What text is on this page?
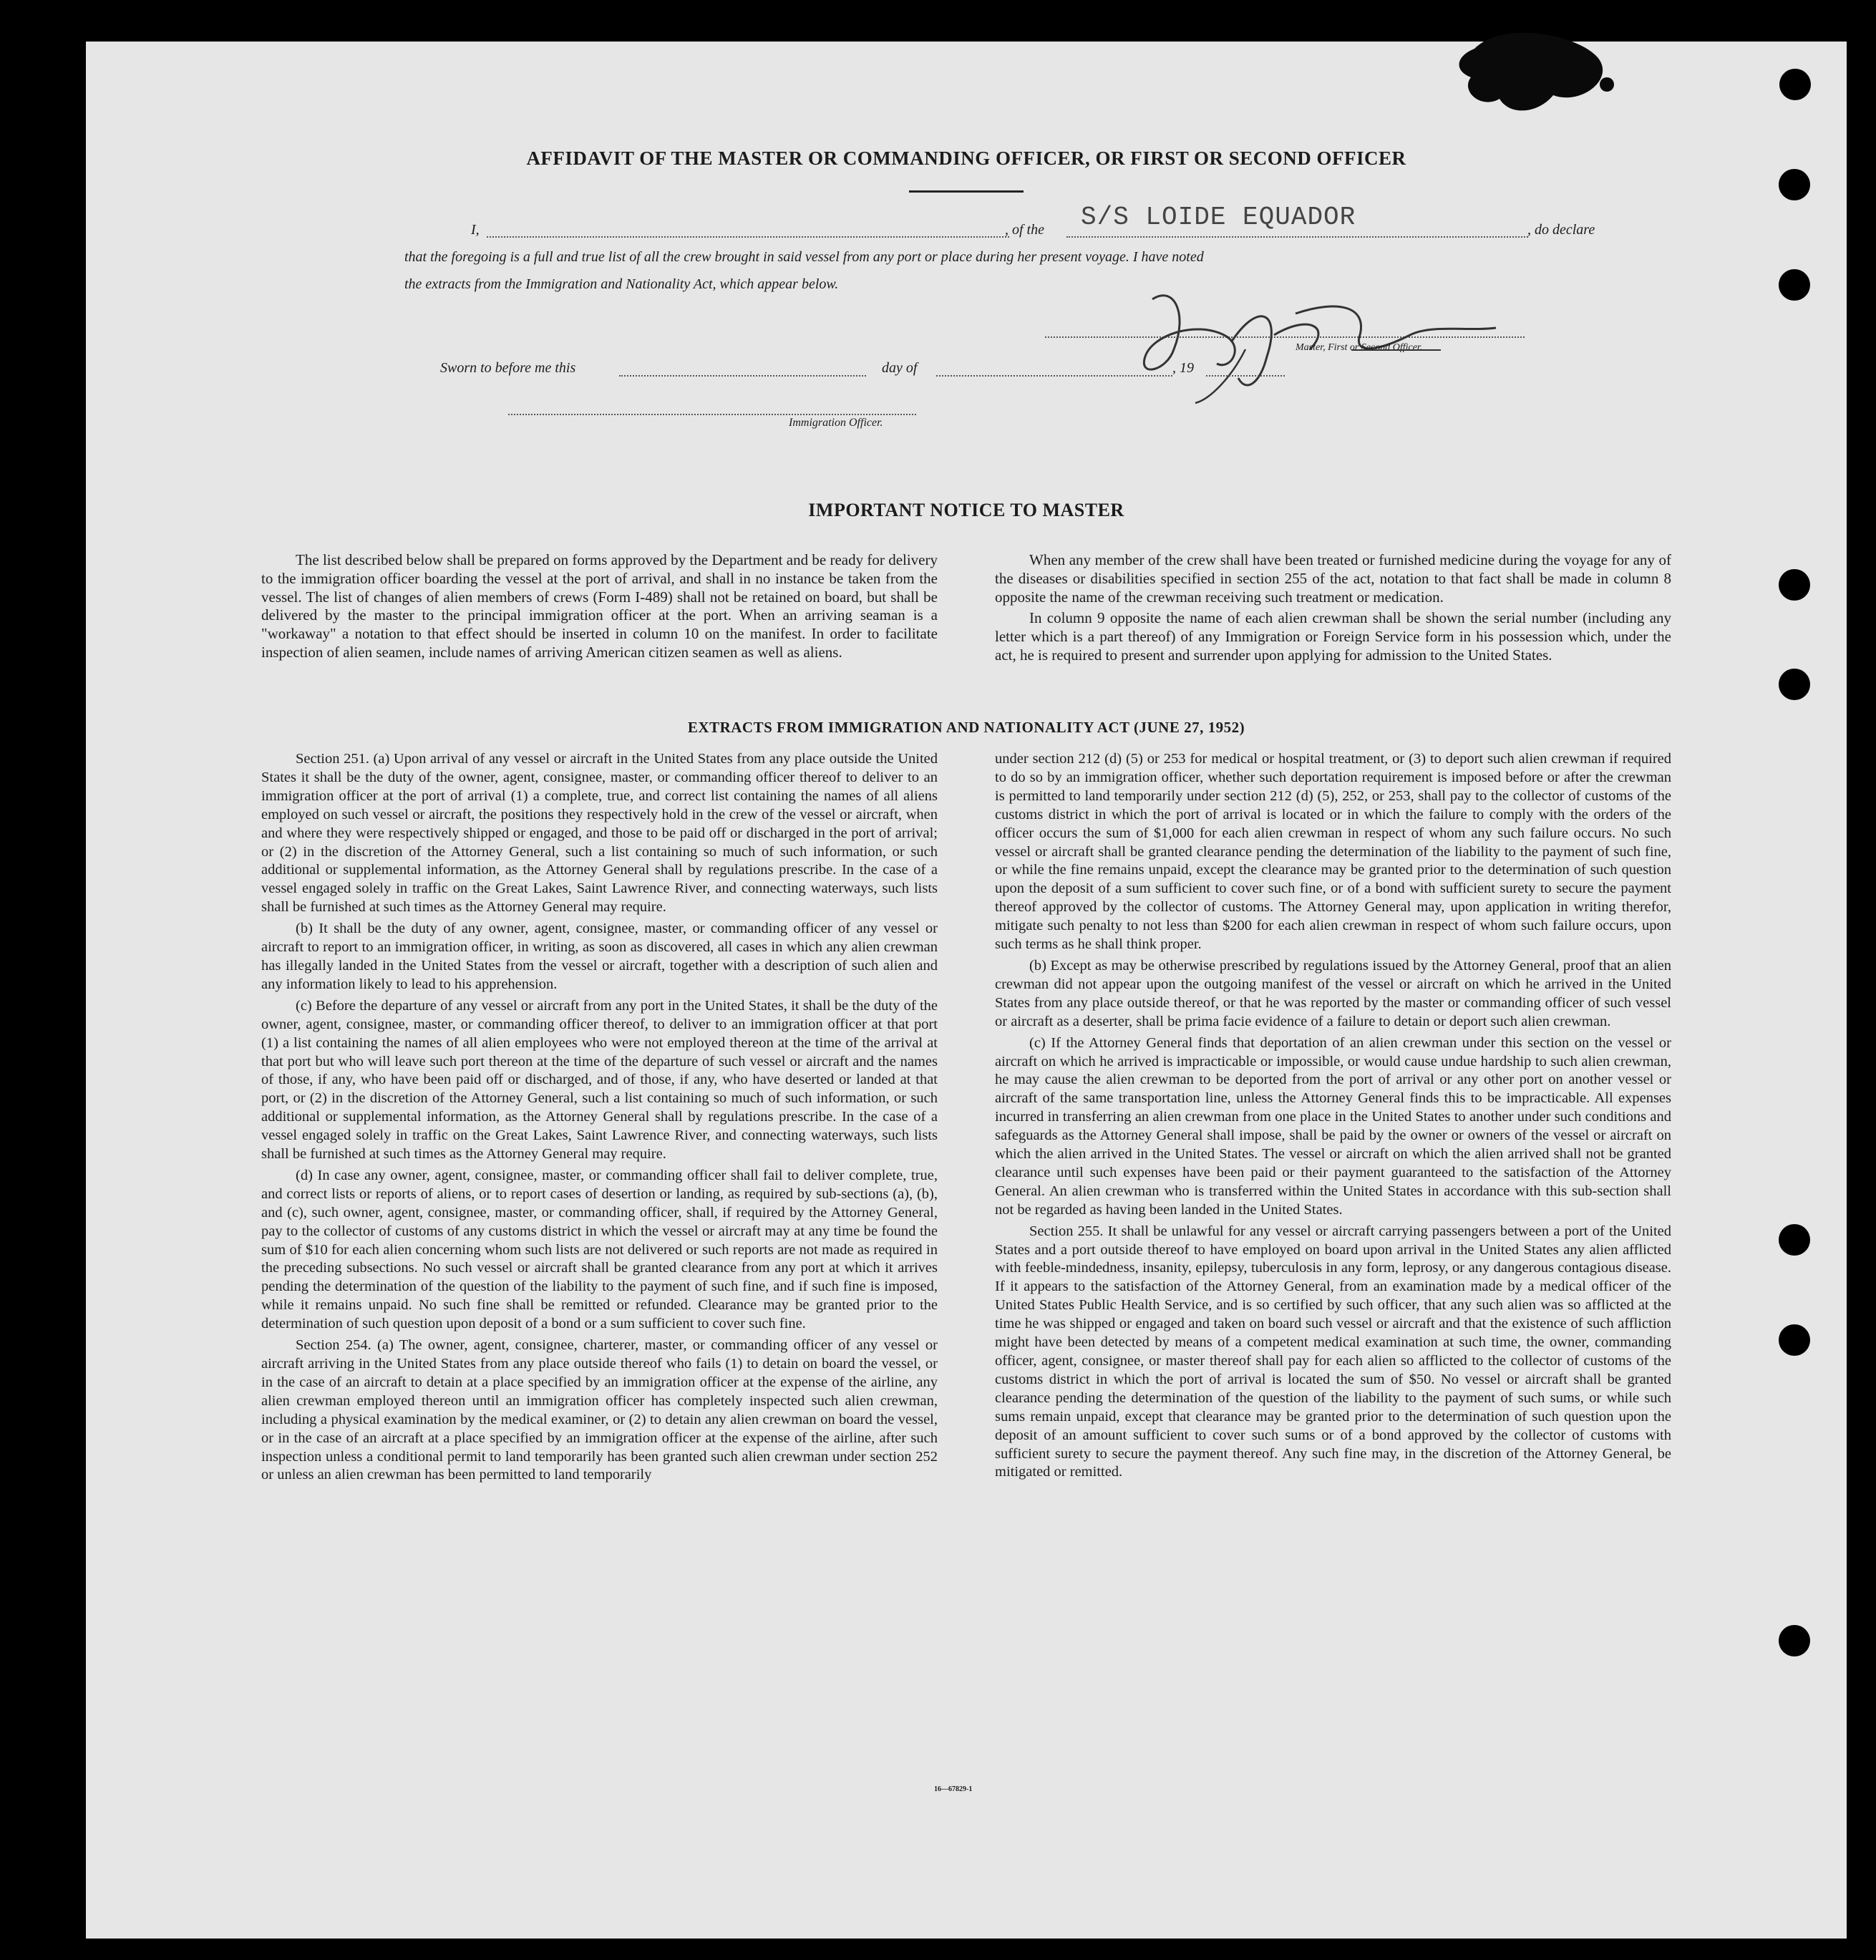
AFFIDAVIT OF THE MASTER OR COMMANDING OFFICER, OR FIRST OR SECOND OFFICER
I,	, of the S/S LOIDE EQUADOR	, do declare
that the foregoing is a full and true list of all the crew brought in said vessel from any port or place during her present voyage. I have noted
the extracts from the Immigration and Nationality Act, which appear below.
Master, First or Second Officer.
Sworn to before me this	day of	, 19
Immigration Officer.
IMPORTANT NOTICE TO MASTER

The list described below shall be prepared on forms approved by the Department and be ready for delivery to the immigration officer boarding the vessel at the port of arrival, and shall in no instance be taken from the vessel. The list of changes of alien members of crews (Form I-489) shall not be retained on board, but shall be delivered by the master to the principal immigration officer at the port. When an arriving seaman is a "workaway" a notation to that effect should be inserted in column 10 on the manifest. In order to facilitate inspection of alien seamen, include names of arriving American citizen seamen as well as aliens.

When any member of the crew shall have been treated or furnished medicine during the voyage for any of the diseases or disabilities specified in section 255 of the act, notation to that fact shall be made in column 8 opposite the name of the crewman receiving such treatment or medication.

In column 9 opposite the name of each alien crewman shall be shown the serial number (including any letter which is a part thereof) of any Immigration or Foreign Service form in his possession which, under the act, he is required to present and surrender upon applying for admission to the United States.

EXTRACTS FROM IMMIGRATION AND NATIONALITY ACT (JUNE 27, 1952)

Section 251. (a) Upon arrival of any vessel or aircraft in the United States from any place outside the United States it shall be the duty of the owner, agent, consignee, master, or commanding officer thereof to deliver to an immigration officer at the port of arrival (1) a complete, true, and correct list containing the names of all aliens employed on such vessel or aircraft, the positions they respectively hold in the crew of the vessel or aircraft, when and where they were respectively shipped or engaged, and those to be paid off or discharged in the port of arrival; or (2) in the discretion of the Attorney General, such a list containing so much of such information, or such additional or supplemental information, as the Attorney General shall by regulations prescribe. In the case of a vessel engaged solely in traffic on the Great Lakes, Saint Lawrence River, and connecting waterways, such lists shall be furnished at such times as the Attorney General may require.

(b) It shall be the duty of any owner, agent, consignee, master, or commanding officer of any vessel or aircraft to report to an immigration officer, in writing, as soon as discovered, all cases in which any alien crewman has illegally landed in the United States from the vessel or aircraft, together with a description of such alien and any information likely to lead to his apprehension.

(c) Before the departure of any vessel or aircraft from any port in the United States, it shall be the duty of the owner, agent, consignee, master, or commanding officer thereof, to deliver to an immigration officer at that port (1) a list containing the names of all alien employees who were not employed thereon at the time of the arrival at that port but who will leave such port thereon at the time of the departure of such vessel or aircraft and the names of those, if any, who have been paid off or discharged, and of those, if any, who have deserted or landed at that port, or (2) in the discretion of the Attorney General, such a list containing so much of such information, or such additional or supplemental information, as the Attorney General shall by regulations prescribe. In the case of a vessel engaged solely in traffic on the Great Lakes, Saint Lawrence River, and connecting waterways, such lists shall be furnished at such times as the Attorney General may require.

(d) In case any owner, agent, consignee, master, or commanding officer shall fail to deliver complete, true, and correct lists or reports of aliens, or to report cases of desertion or landing, as required by sub-sections (a), (b), and (c), such owner, agent, consignee, master, or commanding officer, shall, if required by the Attorney General, pay to the collector of customs of any customs district in which the vessel or aircraft may at any time be found the sum of $10 for each alien concerning whom such lists are not delivered or such reports are not made as required in the preceding subsections. No such vessel or aircraft shall be granted clearance from any port at which it arrives pending the determination of the question of the liability to the payment of such fine, and if such fine is imposed, while it remains unpaid. No such fine shall be remitted or refunded. Clearance may be granted prior to the determination of such question upon deposit of a bond or a sum sufficient to cover such fine.

Section 254. (a) The owner, agent, consignee, charterer, master, or commanding officer of any vessel or aircraft arriving in the United States from any place outside thereof who fails (1) to detain on board the vessel, or in the case of an aircraft to detain at a place specified by an immigration officer at the expense of the airline, any alien crewman employed thereon until an immigration officer has completely inspected such alien crewman, including a physical examination by the medical examiner, or (2) to detain any alien crewman on board the vessel, or in the case of an aircraft at a place specified by an immigration officer at the expense of the airline, after such inspection unless a conditional permit to land temporarily has been granted such alien crewman under section 252 or unless an alien crewman has been permitted to land temporarily

under section 212 (d) (5) or 253 for medical or hospital treatment, or (3) to deport such alien crewman if required to do so by an immigration officer, whether such deportation requirement is imposed before or after the crewman is permitted to land temporarily under section 212 (d) (5), 252, or 253, shall pay to the collector of customs of the customs district in which the port of arrival is located or in which the failure to comply with the orders of the officer occurs the sum of $1,000 for each alien crewman in respect of whom any such failure occurs. No such vessel or aircraft shall be granted clearance pending the determination of the liability to the payment of such fine, or while the fine remains unpaid, except the clearance may be granted prior to the determination of such question upon the deposit of a sum sufficient to cover such fine, or of a bond with sufficient surety to secure the payment thereof approved by the collector of customs. The Attorney General may, upon application in writing therefor, mitigate such penalty to not less than $200 for each alien crewman in respect of whom such failure occurs, upon such terms as he shall think proper.

(b) Except as may be otherwise prescribed by regulations issued by the Attorney General, proof that an alien crewman did not appear upon the outgoing manifest of the vessel or aircraft on which he arrived in the United States from any place outside thereof, or that he was reported by the master or commanding officer of such vessel or aircraft as a deserter, shall be prima facie evidence of a failure to detain or deport such alien crewman.

(c) If the Attorney General finds that deportation of an alien crewman under this section on the vessel or aircraft on which he arrived is impracticable or impossible, or would cause undue hardship to such alien crewman, he may cause the alien crewman to be deported from the port of arrival or any other port on another vessel or aircraft of the same transportation line, unless the Attorney General finds this to be impracticable. All expenses incurred in transferring an alien crewman from one place in the United States to another under such conditions and safeguards as the Attorney General shall impose, shall be paid by the owner or owners of the vessel or aircraft on which the alien arrived in the United States. The vessel or aircraft on which the alien arrived shall not be granted clearance until such expenses have been paid or their payment guaranteed to the satisfaction of the Attorney General. An alien crewman who is transferred within the United States in accordance with this sub-section shall not be regarded as having been landed in the United States.

Section 255. It shall be unlawful for any vessel or aircraft carrying passengers between a port of the United States and a port outside thereof to have employed on board upon arrival in the United States any alien afflicted with feeble-mindedness, insanity, epilepsy, tuberculosis in any form, leprosy, or any dangerous contagious disease. If it appears to the satisfaction of the Attorney General, from an examination made by a medical officer of the United States Public Health Service, and is so certified by such officer, that any such alien was so afflicted at the time he was shipped or engaged and taken on board such vessel or aircraft and that the existence of such affliction might have been detected by means of a competent medical examination at such time, the owner, commanding officer, agent, consignee, or master thereof shall pay for each alien so afflicted to the collector of customs of the customs district in which the port of arrival is located the sum of $50. No vessel or aircraft shall be granted clearance pending the determination of the question of the liability to the payment of such sums, or while such sums remain unpaid, except that clearance may be granted prior to the determination of such question upon the deposit of an amount sufficient to cover such sums or of a bond approved by the collector of customs with sufficient surety to secure the payment thereof. Any such fine may, in the discretion of the Attorney General, be mitigated or remitted.

16—67829-1
